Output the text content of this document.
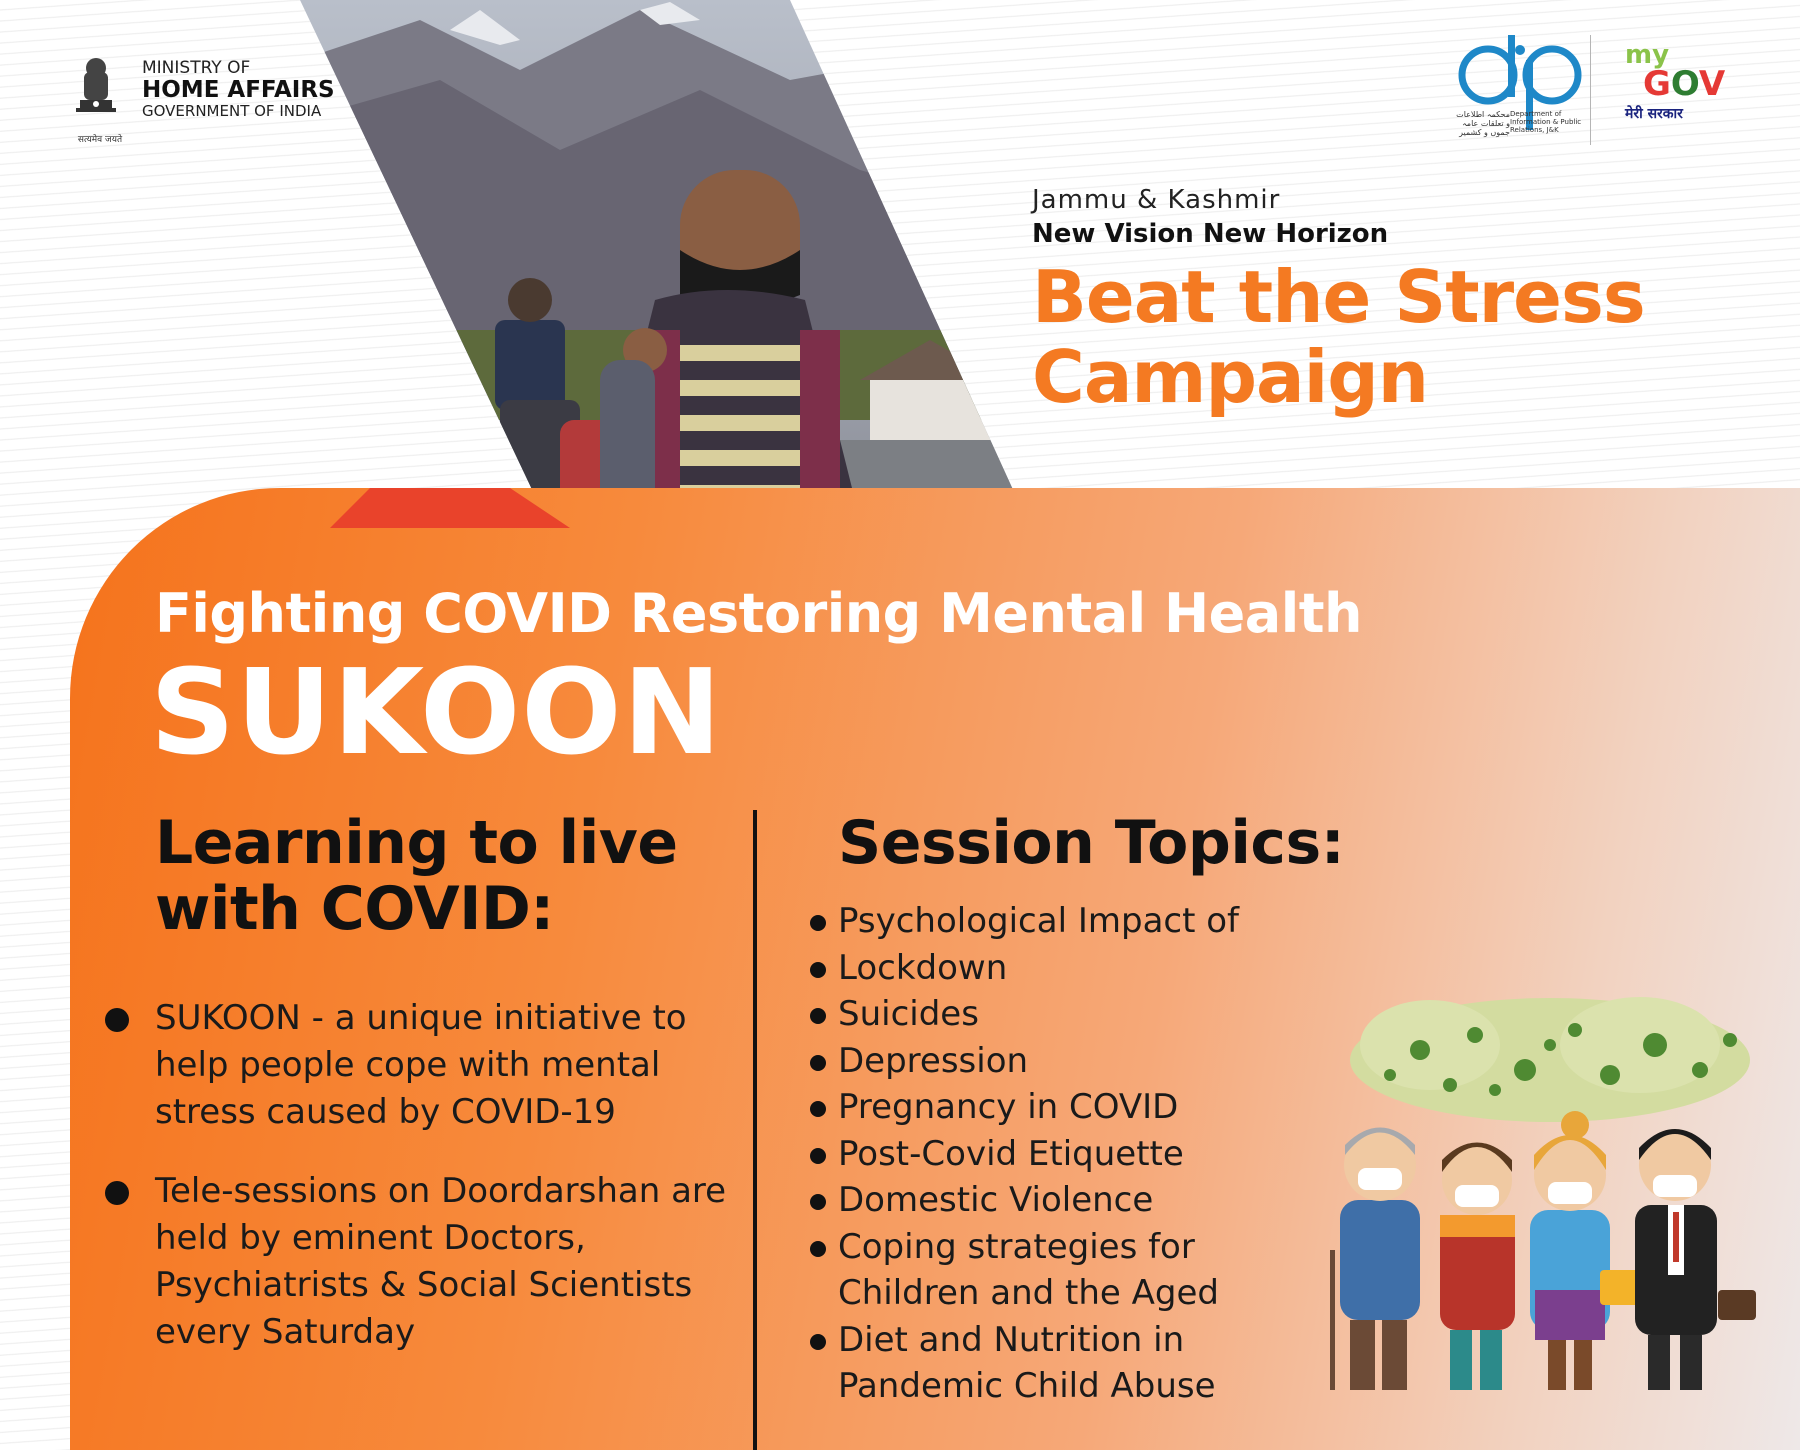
सत्यमेव जयते
MINISTRY OF
HOME AFFAIRS
GOVERNMENT OF INDIA	محکمہ اطلاعات و تعلقات عامہ جموں و کشمیر
Department of Information & Public Relations, J&K
my
GOV
मेरी सरकार
Jammu & Kashmir
New Vision New Horizon
Beat the Stress
Campaign
Fighting COVID Restoring Mental Health
SUKOON
Learning to live
with COVID:
SUKOON - a unique initiative to help people cope with mental stress caused by COVID-19
Tele-sessions on Doordarshan are held by eminent Doctors, Psychiatrists & Social Scientists every Saturday
Session Topics:
Psychological Impact of
Lockdown
Suicides
Depression
Pregnancy in COVID
Post-Covid Etiquette
Domestic Violence
Coping strategies for Children and the Aged
Diet and Nutrition in Pandemic Child Abuse
